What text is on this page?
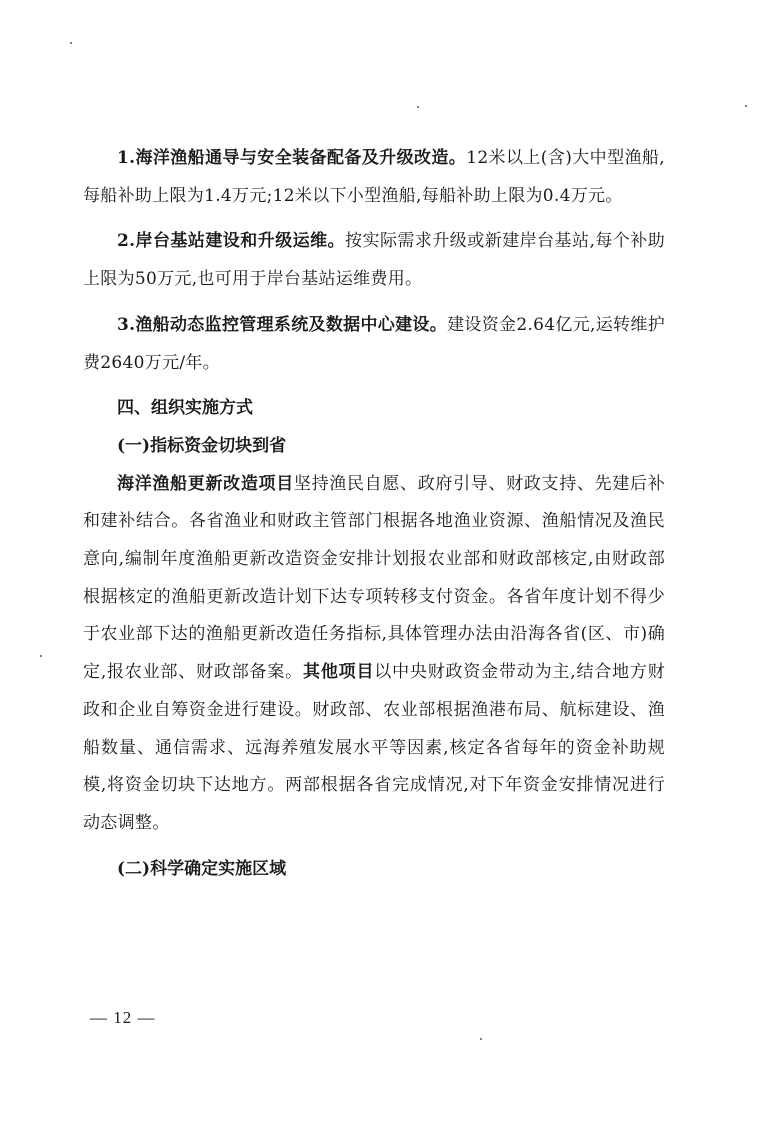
1.海洋渔船通导与安全装备配备及升级改造。12米以上(含)大中型渔船,每船补助上限为1.4万元;12米以下小型渔船,每船补助上限为0.4万元。

2.岸台基站建设和升级运维。按实际需求升级或新建岸台基站,每个补助上限为50万元,也可用于岸台基站运维费用。

3.渔船动态监控管理系统及数据中心建设。建设资金2.64亿元,运转维护费2640万元/年。

四、组织实施方式

(一)指标资金切块到省

海洋渔船更新改造项目坚持渔民自愿、政府引导、财政支持、先建后补和建补结合。各省渔业和财政主管部门根据各地渔业资源、渔船情况及渔民意向,编制年度渔船更新改造资金安排计划报农业部和财政部核定,由财政部根据核定的渔船更新改造计划下达专项转移支付资金。各省年度计划不得少于农业部下达的渔船更新改造任务指标,具体管理办法由沿海各省(区、市)确定,报农业部、财政部备案。其他项目以中央财政资金带动为主,结合地方财政和企业自筹资金进行建设。财政部、农业部根据渔港布局、航标建设、渔船数量、通信需求、远海养殖发展水平等因素,核定各省每年的资金补助规模,将资金切块下达地方。两部根据各省完成情况,对下年资金安排情况进行动态调整。

(二)科学确定实施区域

— 12 —
